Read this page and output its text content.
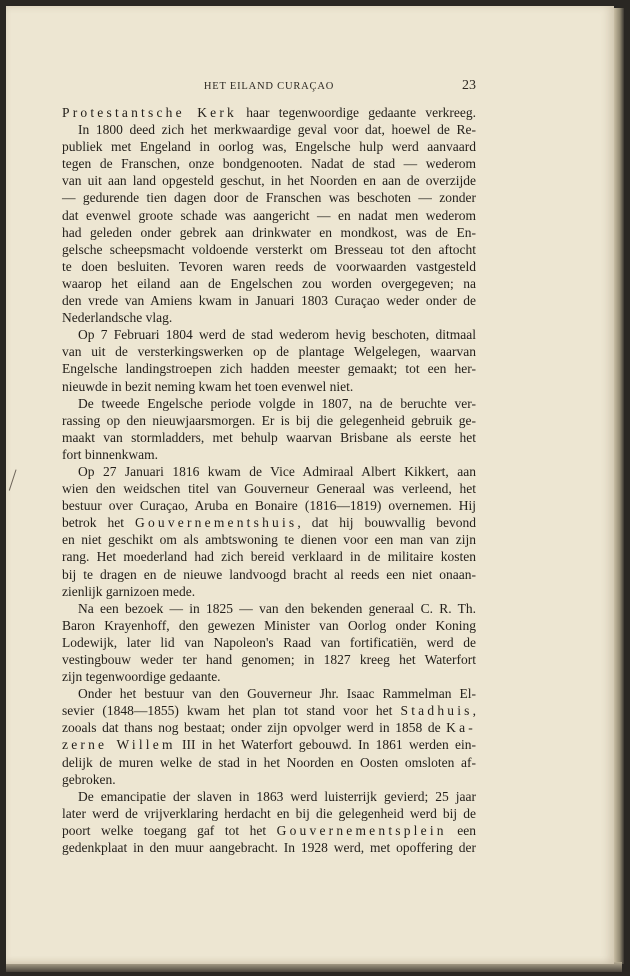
HET EILAND CURAÇAO	23
Protestantsche Kerk haar tegenwoordige gedaante verkreeg.
In 1800 deed zich het merkwaardige geval voor dat, hoewel de Re-
publiek met Engeland in oorlog was, Engelsche hulp werd aanvaard
tegen de Franschen, onze bondgenooten. Nadat de stad — wederom
van uit aan land opgesteld geschut, in het Noorden en aan de overzijde
— gedurende tien dagen door de Franschen was beschoten — zonder
dat evenwel groote schade was aangericht — en nadat men wederom
had geleden onder gebrek aan drinkwater en mondkost, was de En-
gelsche scheepsmacht voldoende versterkt om Bresseau tot den aftocht
te doen besluiten. Tevoren waren reeds de voorwaarden vastgesteld
waarop het eiland aan de Engelschen zou worden overgegeven; na
den vrede van Amiens kwam in Januari 1803 Curaçao weder onder de
Nederlandsche vlag.
Op 7 Februari 1804 werd de stad wederom hevig beschoten, ditmaal
van uit de versterkingswerken op de plantage Welgelegen, waarvan
Engelsche landingstroepen zich hadden meester gemaakt; tot een her-
nieuwde in bezit neming kwam het toen evenwel niet.
De tweede Engelsche periode volgde in 1807, na de beruchte ver-
rassing op den nieuwjaarsmorgen. Er is bij die gelegenheid gebruik ge-
maakt van stormladders, met behulp waarvan Brisbane als eerste het
fort binnenkwam.
Op 27 Januari 1816 kwam de Vice Admiraal Albert Kikkert, aan
wien den weidschen titel van Gouverneur Generaal was verleend, het
bestuur over Curaçao, Aruba en Bonaire (1816—1819) overnemen. Hij
betrok het Gouvernementshuis, dat hij bouwvallig bevond
en niet geschikt om als ambtswoning te dienen voor een man van zijn
rang. Het moederland had zich bereid verklaard in de militaire kosten
bij te dragen en de nieuwe landvoogd bracht al reeds een niet onaan-
zienlijk garnizoen mede.
Na een bezoek — in 1825 — van den bekenden generaal C. R. Th.
Baron Krayenhoff, den gewezen Minister van Oorlog onder Koning
Lodewijk, later lid van Napoleon's Raad van fortificatiën, werd de
vestingbouw weder ter hand genomen; in 1827 kreeg het Waterfort
zijn tegenwoordige gedaante.
Onder het bestuur van den Gouverneur Jhr. Isaac Rammelman El-
sevier (1848—1855) kwam het plan tot stand voor het Stadhuis,
zooals dat thans nog bestaat; onder zijn opvolger werd in 1858 de Ka-
zerne Willem III in het Waterfort gebouwd. In 1861 werden ein-
delijk de muren welke de stad in het Noorden en Oosten omsloten af-
gebroken.
De emancipatie der slaven in 1863 werd luisterrijk gevierd; 25 jaar
later werd de vrijverklaring herdacht en bij die gelegenheid werd bij de
poort welke toegang gaf tot het Gouvernementsplein een
gedenkplaat in den muur aangebracht. In 1928 werd, met opoffering der
